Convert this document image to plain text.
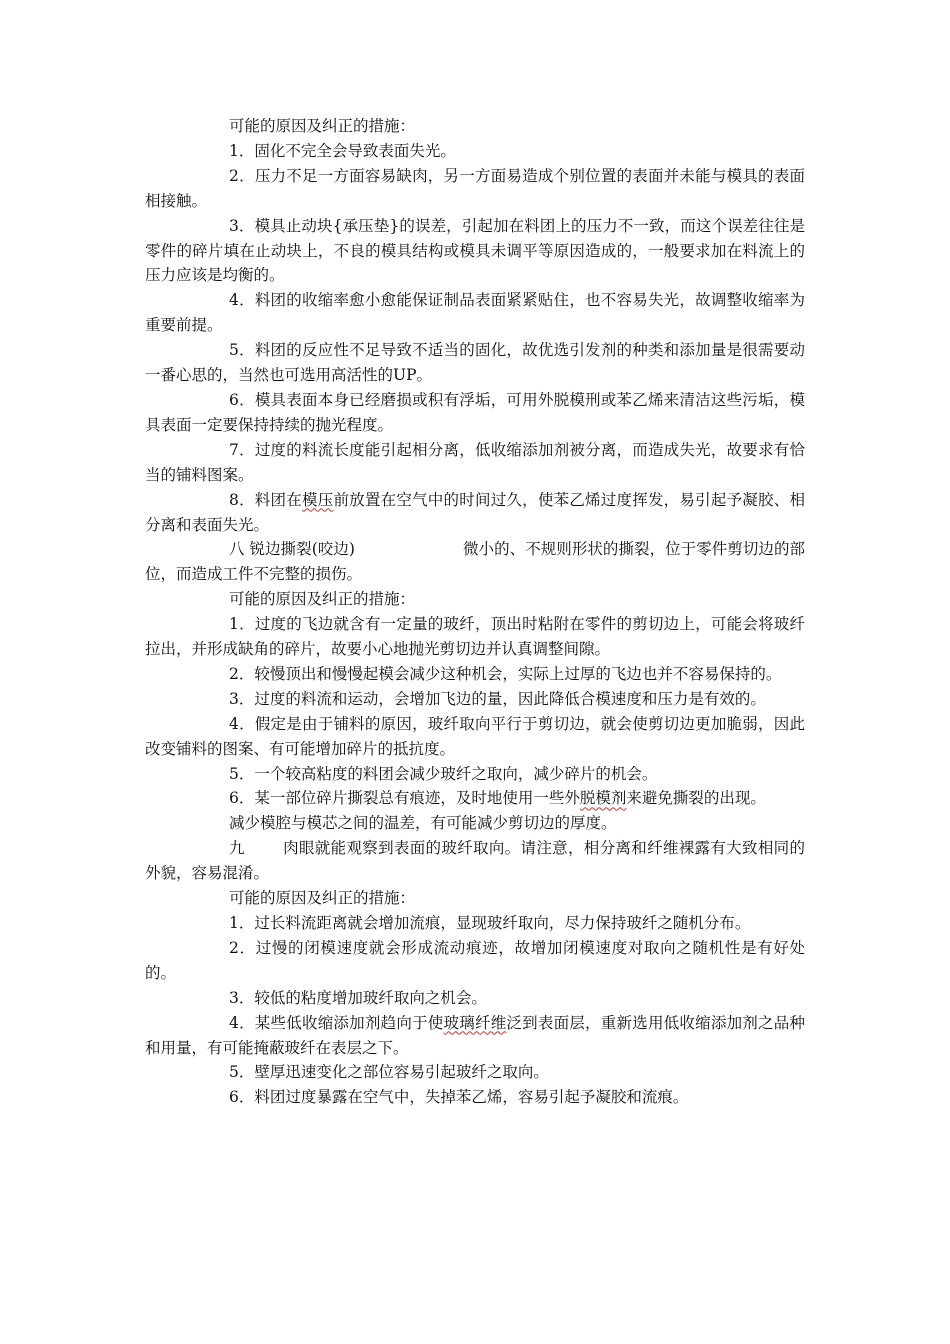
可能的原因及纠正的措施：

1．固化不完全会导致表面失光。

2．压力不足一方面容易缺肉，另一方面易造成个别位置的表面并未能与模具的表面相接触。

3．模具止动块{承压垫}的误差，引起加在料团上的压力不一致，而这个误差往往是零件的碎片填在止动块上，不良的模具结构或模具未调平等原因造成的，一般要求加在料流上的压力应该是均衡的。

4．料团的收缩率愈小愈能保证制品表面紧紧贴住，也不容易失光，故调整收缩率为重要前提。

5．料团的反应性不足导致不适当的固化，故优选引发剂的种类和添加量是很需要动一番心思的，当然也可选用高活性的UP。

6．模具表面本身已经磨损或积有浮垢，可用外脱模刑或苯乙烯来清洁这些污垢，模具表面一定要保持持续的抛光程度。

7．过度的料流长度能引起相分离，低收缩添加剂被分离，而造成失光，故要求有恰当的铺料图案。

8．料团在模压前放置在空气中的时间过久，使苯乙烯过度挥发，易引起予凝胶、相分离和表面失光。

八 锐边撕裂(咬边)	微小的、不规则形状的撕裂，位于零件剪切边的部位，而造成工件不完整的损伤。

可能的原因及纠正的措施：

1．过度的飞边就含有一定量的玻纤，顶出时粘附在零件的剪切边上，可能会将玻纤拉出，并形成缺角的碎片，故要小心地抛光剪切边并认真调整间隙。

2．较慢顶出和慢慢起模会减少这种机会，实际上过厚的飞边也并不容易保持的。

3．过度的料流和运动，会增加飞边的量，因此降低合模速度和压力是有效的。

4．假定是由于铺料的原因，玻纤取向平行于剪切边，就会使剪切边更加脆弱，因此改变铺料的图案、有可能增加碎片的抵抗度。

5．一个较高粘度的料团会减少玻纤之取向，减少碎片的机会。

6．某一部位碎片撕裂总有痕迹，及时地使用一些外脱模剂来避免撕裂的出现。

减少模腔与模芯之间的温差，有可能减少剪切边的厚度。

九 肉眼就能观察到表面的玻纤取向。请注意，相分离和纤维裸露有大致相同的外貌，容易混淆。

可能的原因及纠正的措施：

1．过长料流距离就会增加流痕，显现玻纤取向，尽力保持玻纤之随机分布。

2．过慢的闭模速度就会形成流动痕迹，故增加闭模速度对取向之随机性是有好处的。

3．较低的粘度增加玻纤取向之机会。

4．某些低收缩添加剂趋向于使玻璃纤维泛到表面层，重新选用低收缩添加剂之品种和用量，有可能掩蔽玻纤在表层之下。

5．壁厚迅速变化之部位容易引起玻纤之取向。

6．料团过度暴露在空气中，失掉苯乙烯，容易引起予凝胶和流痕。
